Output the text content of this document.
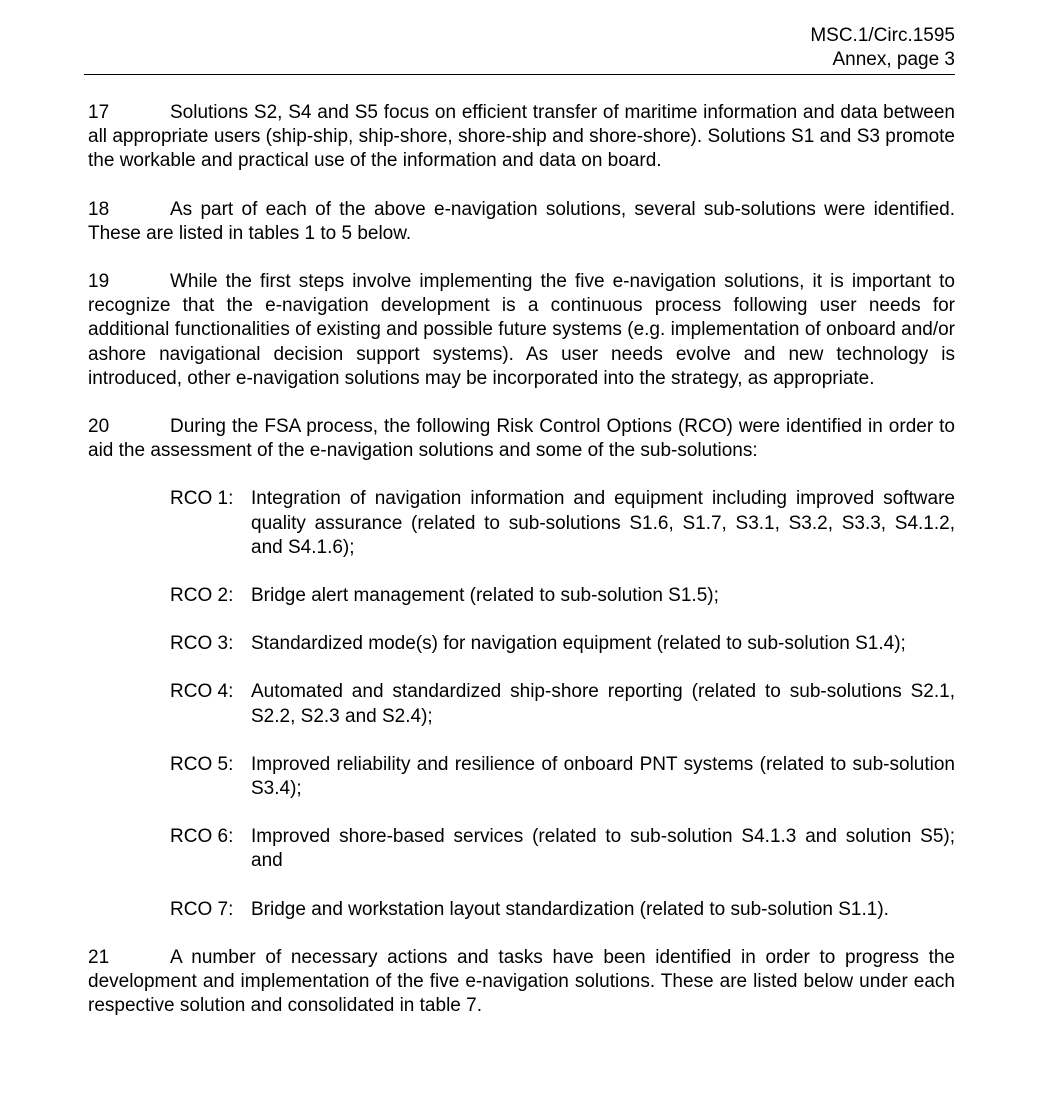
MSC.1/Circ.1595
Annex, page 3

17	Solutions S2, S4 and S5 focus on efficient transfer of maritime information and data between all appropriate users (ship-ship, ship-shore, shore-ship and shore-shore). Solutions S1 and S3 promote the workable and practical use of the information and data on board.

18	As part of each of the above e-navigation solutions, several sub-solutions were identified. These are listed in tables 1 to 5 below.

19	While the first steps involve implementing the five e-navigation solutions, it is important to recognize that the e-navigation development is a continuous process following user needs for additional functionalities of existing and possible future systems (e.g. implementation of onboard and/or ashore navigational decision support systems). As user needs evolve and new technology is introduced, other e-navigation solutions may be incorporated into the strategy, as appropriate.

20	During the FSA process, the following Risk Control Options (RCO) were identified in order to aid the assessment of the e-navigation solutions and some of the sub-solutions:

RCO 1: Integration of navigation information and equipment including improved software quality assurance (related to sub-solutions S1.6, S1.7, S3.1, S3.2, S3.3, S4.1.2, and S4.1.6);
RCO 2: Bridge alert management (related to sub-solution S1.5);
RCO 3: Standardized mode(s) for navigation equipment (related to sub-solution S1.4);
RCO 4: Automated and standardized ship-shore reporting (related to sub-solutions S2.1, S2.2, S2.3 and S2.4);
RCO 5: Improved reliability and resilience of onboard PNT systems (related to sub-solution S3.4);
RCO 6: Improved shore-based services (related to sub-solution S4.1.3 and solution S5); and
RCO 7: Bridge and workstation layout standardization (related to sub-solution S1.1).

21	A number of necessary actions and tasks have been identified in order to progress the development and implementation of the five e-navigation solutions. These are listed below under each respective solution and consolidated in table 7.
